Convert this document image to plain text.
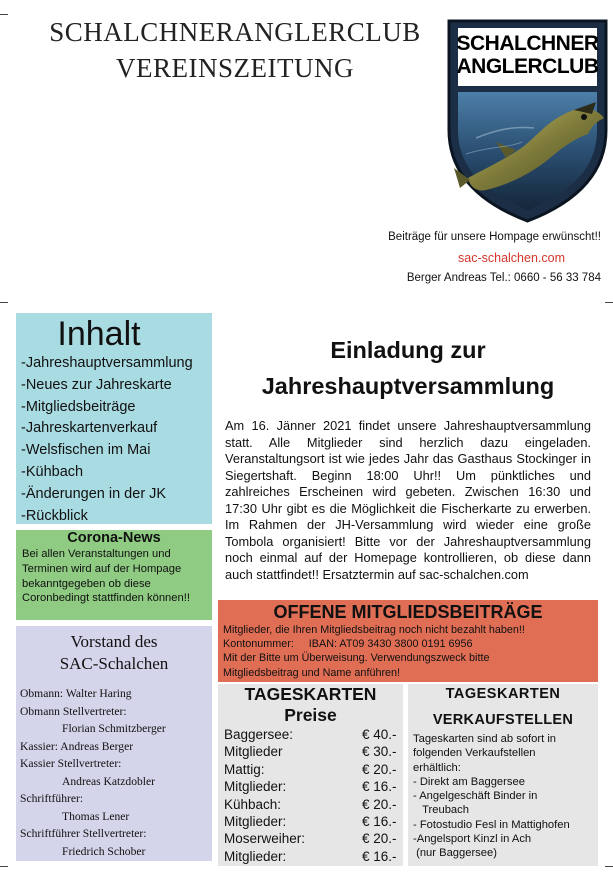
SCHALCHNERANGLERCLUB
VEREINSZEITUNG
SCHALCHNER
ANGLERCLUB
Beiträge für unsere Hompage erwünscht!!
sac-schalchen.com
Berger Andreas Tel.: 0660 - 56 33 784
Inhalt
-Jahreshauptversammlung
-Neues zur Jahreskarte
-Mitgliedsbeiträge
-Jahreskartenverkauf
-Welsfischen im Mai
-Kühbach
-Änderungen in der JK
-Rückblick
Corona-News
Bei allen Veranstaltungen und Terminen wird auf der Hompage bekanntgegeben ob diese Coronbedingt stattfinden können!!
Vorstand des
SAC-Schalchen
Obmann: Walter Haring
Obmann Stellvertreter:
Florian Schmitzberger
Kassier: Andreas Berger
Kassier Stellvertreter:
Andreas Katzdobler
Schriftführer:
Thomas Lener
Schriftführer Stellvertreter:
Friedrich Schober
Einladung zur
Jahreshauptversammlung
Am 16. Jänner 2021 findet unsere Jahreshauptversammlung statt. Alle Mitglieder sind herzlich dazu eingeladen. Veranstaltungsort ist wie jedes Jahr das Gasthaus Stockinger in Siegertshaft. Beginn 18:00 Uhr!! Um pünktliches und zahlreiches Erscheinen wird gebeten. Zwischen 16:30 und 17:30 Uhr gibt es die Möglichkeit die Fischerkarte zu erwerben. Im Rahmen der JH-Versammlung wird wieder eine große Tombola organisiert! Bitte vor der Jahreshauptversammlung noch einmal auf der Homepage kontrollieren, ob diese dann auch stattfindet!! Ersatztermin auf sac-schalchen.com
OFFENE MITGLIEDSBEITRÄGE
Mitglieder, die Ihren Mitgliedsbeitrag noch nicht bezahlt haben!!
Kontonummer:     IBAN: AT09 3430 3800 0191 6956
Mit der Bitte um Überweisung. Verwendungszweck bitte
Mitgliedsbeitrag und Name anführen!
TAGESKARTEN
Preise
Baggersee:	€ 40.-
Mitglieder	€ 30.-
Mattig:	€ 20.-
Mitglieder:	€ 16.-
Kühbach:	€ 20.-
Mitglieder:	€ 16.-
Moserweiher:	€ 20.-
Mitglieder:	€ 16.-
TAGESKARTEN
VERKAUFSTELLEN
Tageskarten sind ab sofort in
folgenden Verkaufstellen
erhältlich:
- Direkt am Baggersee
- Angelgeschäft Binder in
Treubach
- Fotostudio Fesl in Mattighofen
-Angelsport Kinzl in Ach
(nur Baggersee)
